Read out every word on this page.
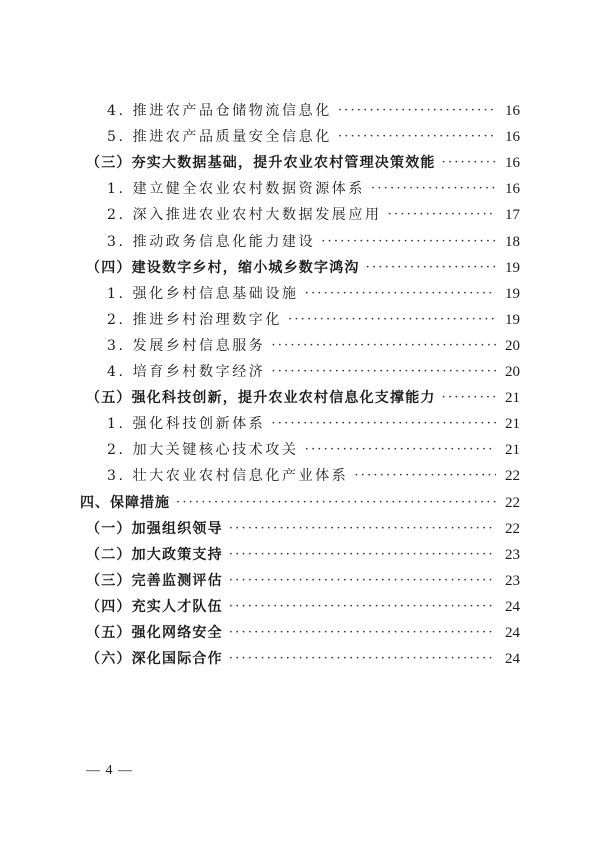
4. 推进农产品仓储物流信息化 ·····	16
5. 推进农产品质量安全信息化 ·····	16
（三）夯实大数据基础，提升农业农村管理决策效能 ·····	16
1. 建立健全农业农村数据资源体系 ·····	16
2. 深入推进农业农村大数据发展应用 ·····	17
3. 推动政务信息化能力建设 ·····	18
（四）建设数字乡村，缩小城乡数字鸿沟 ·····	19
1. 强化乡村信息基础设施 ·····	19
2. 推进乡村治理数字化 ·····	19
3. 发展乡村信息服务 ·····	20
4. 培育乡村数字经济 ·····	20
（五）强化科技创新，提升农业农村信息化支撑能力 ·····	21
1. 强化科技创新体系 ·····	21
2. 加大关键核心技术攻关 ·····	21
3. 壮大农业农村信息化产业体系 ·····	22
四、保障措施 ·····	22
（一）加强组织领导 ·····	22
（二）加大政策支持 ·····	23
（三）完善监测评估 ·····	23
（四）充实人才队伍 ·····	24
（五）强化网络安全 ·····	24
（六）深化国际合作 ·····	24
— 4 —
